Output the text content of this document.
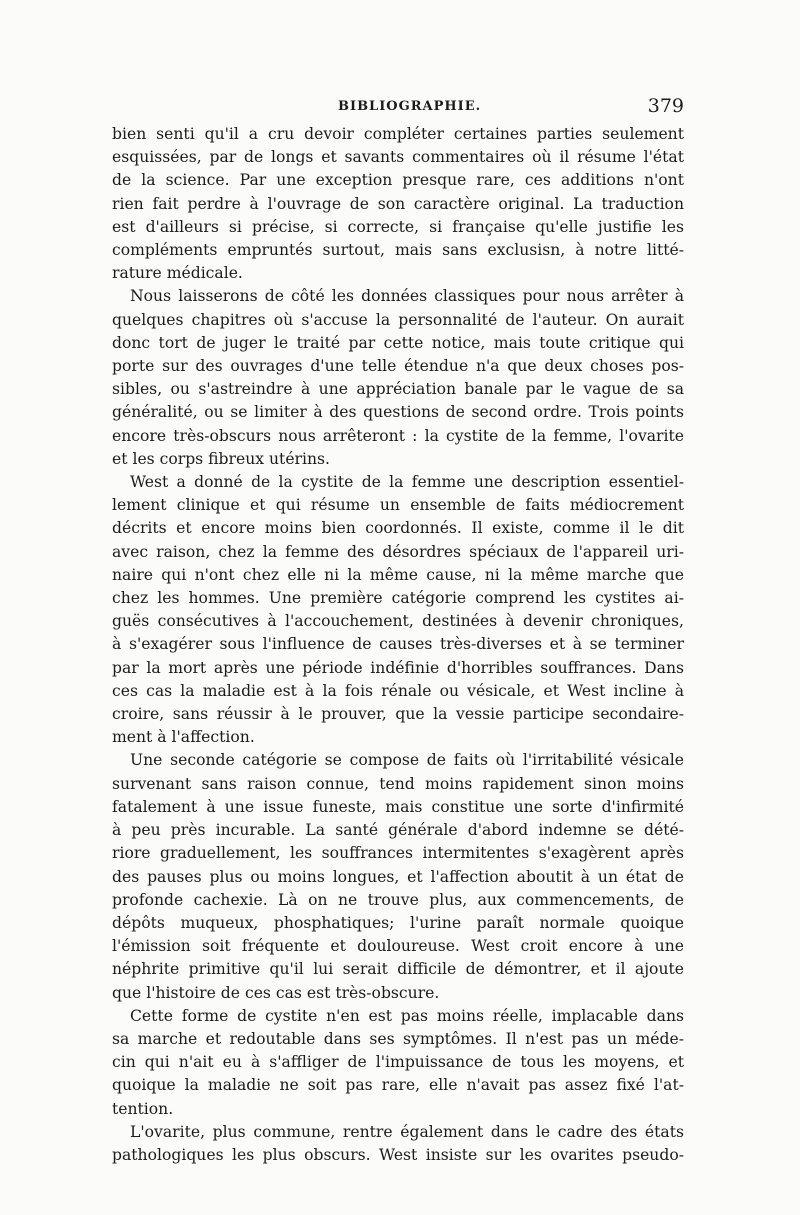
BIBLIOGRAPHIE.	379

bien senti qu'il a cru devoir compléter certaines parties seulement
esquissées, par de longs et savants commentaires où il résume l'état
de la science. Par une exception presque rare, ces additions n'ont
rien fait perdre à l'ouvrage de son caractère original. La traduction
est d'ailleurs si précise, si correcte, si française qu'elle justifie les
compléments empruntés surtout, mais sans exclusisn, à notre litté-
rature médicale.

Nous laisserons de côté les données classiques pour nous arrêter à
quelques chapitres où s'accuse la personnalité de l'auteur. On aurait
donc tort de juger le traité par cette notice, mais toute critique qui
porte sur des ouvrages d'une telle étendue n'a que deux choses pos-
sibles, ou s'astreindre à une appréciation banale par le vague de sa
généralité, ou se limiter à des questions de second ordre. Trois points
encore très-obscurs nous arrêteront : la cystite de la femme, l'ovarite
et les corps fibreux utérins.

West a donné de la cystite de la femme une description essentiel-
lement clinique et qui résume un ensemble de faits médiocrement
décrits et encore moins bien coordonnés. Il existe, comme il le dit
avec raison, chez la femme des désordres spéciaux de l'appareil uri-
naire qui n'ont chez elle ni la même cause, ni la même marche que
chez les hommes. Une première catégorie comprend les cystites ai-
guës consécutives à l'accouchement, destinées à devenir chroniques,
à s'exagérer sous l'influence de causes très-diverses et à se terminer
par la mort après une période indéfinie d'horribles souffrances. Dans
ces cas la maladie est à la fois rénale ou vésicale, et West incline à
croire, sans réussir à le prouver, que la vessie participe secondaire-
ment à l'affection.

Une seconde catégorie se compose de faits où l'irritabilité vésicale
survenant sans raison connue, tend moins rapidement sinon moins
fatalement à une issue funeste, mais constitue une sorte d'infirmité
à peu près incurable. La santé générale d'abord indemne se dété-
riore graduellement, les souffrances intermitentes s'exagèrent après
des pauses plus ou moins longues, et l'affection aboutit à un état de
profonde cachexie. Là on ne trouve plus, aux commencements, de
dépôts muqueux, phosphatiques; l'urine paraît normale quoique
l'émission soit fréquente et douloureuse. West croit encore à une
néphrite primitive qu'il lui serait difficile de démontrer, et il ajoute
que l'histoire de ces cas est très-obscure.

Cette forme de cystite n'en est pas moins réelle, implacable dans
sa marche et redoutable dans ses symptômes. Il n'est pas un méde-
cin qui n'ait eu à s'affliger de l'impuissance de tous les moyens, et
quoique la maladie ne soit pas rare, elle n'avait pas assez fixé l'at-
tention.

L'ovarite, plus commune, rentre également dans le cadre des états
pathologiques les plus obscurs. West insiste sur les ovarites pseudo-
